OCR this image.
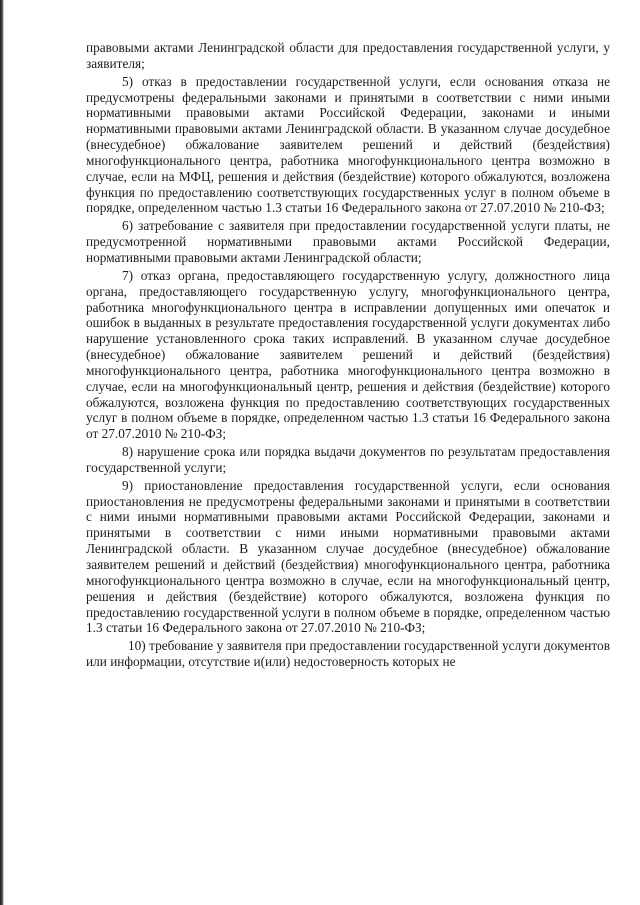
правовыми актами Ленинградской области для предоставления государственной услуги, у заявителя;

5) отказ в предоставлении государственной услуги, если основания отказа не предусмотрены федеральными законами и принятыми в соответствии с ними иными нормативными правовыми актами Российской Федерации, законами и иными нормативными правовыми актами Ленинградской области. В указанном случае досудебное (внесудебное) обжалование заявителем решений и действий (бездействия) многофункционального центра, работника многофункционального центра возможно в случае, если на МФЦ, решения и действия (бездействие) которого обжалуются, возложена функция по предоставлению соответствующих государственных услуг в полном объеме в порядке, определенном частью 1.3 статьи 16 Федерального закона от 27.07.2010 № 210-ФЗ;

6) затребование с заявителя при предоставлении государственной услуги платы, не предусмотренной нормативными правовыми актами Российской Федерации, нормативными правовыми актами Ленинградской области;

7) отказ органа, предоставляющего государственную услугу, должностного лица органа, предоставляющего государственную услугу, многофункционального центра, работника многофункционального центра в исправлении допущенных ими опечаток и ошибок в выданных в результате предоставления государственной услуги документах либо нарушение установленного срока таких исправлений. В указанном случае досудебное (внесудебное) обжалование заявителем решений и действий (бездействия) многофункционального центра, работника многофункционального центра возможно в случае, если на многофункциональный центр, решения и действия (бездействие) которого обжалуются, возложена функция по предоставлению соответствующих государственных услуг в полном объеме в порядке, определенном частью 1.3 статьи 16 Федерального закона от 27.07.2010 № 210-ФЗ;

8) нарушение срока или порядка выдачи документов по результатам предоставления государственной услуги;

9) приостановление предоставления государственной услуги, если основания приостановления не предусмотрены федеральными законами и принятыми в соответствии с ними иными нормативными правовыми актами Российской Федерации, законами и принятыми в соответствии с ними иными нормативными правовыми актами Ленинградской области. В указанном случае досудебное (внесудебное) обжалование заявителем решений и действий (бездействия) многофункционального центра, работника многофункционального центра возможно в случае, если на многофункциональный центр, решения и действия (бездействие) которого обжалуются, возложена функция по предоставлению государственной услуги в полном объеме в порядке, определенном частью 1.3 статьи 16 Федерального закона от 27.07.2010 № 210-ФЗ;

10) требование у заявителя при предоставлении государственной услуги документов или информации, отсутствие и(или) недостоверность которых не
